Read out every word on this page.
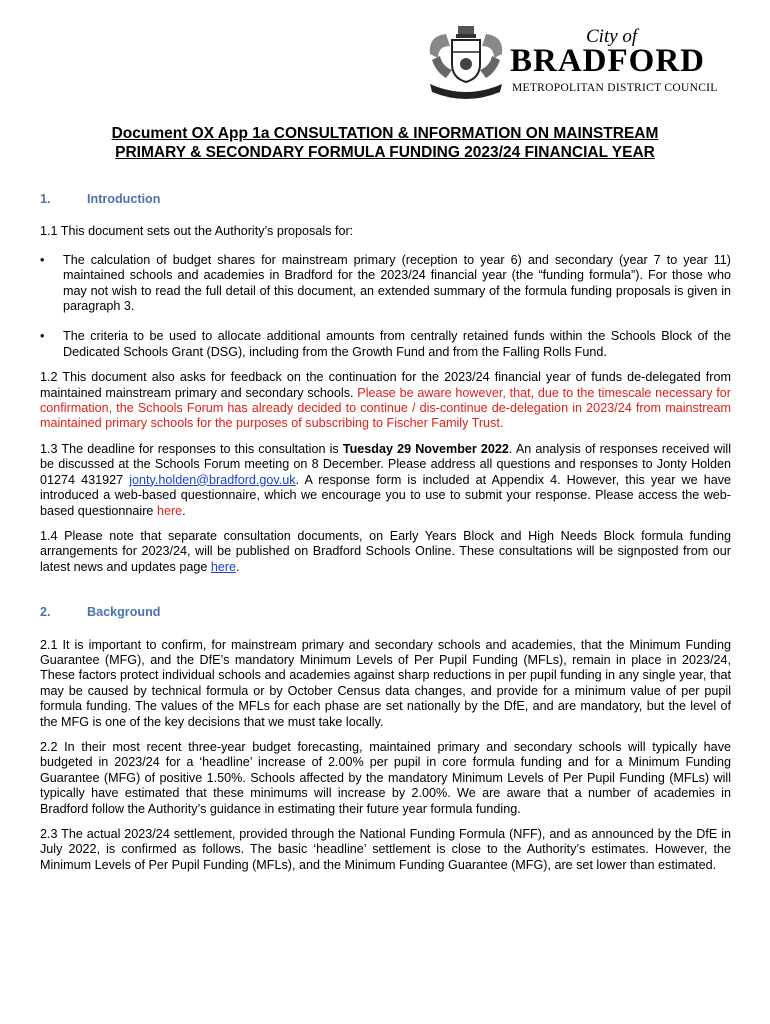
City of
BRADFORD
METROPOLITAN DISTRICT COUNCIL
Document OX App 1a CONSULTATION & INFORMATION ON MAINSTREAM
PRIMARY & SECONDARY FORMULA FUNDING 2023/24 FINANCIAL YEAR
1.	Introduction

1.1 This document sets out the Authority’s proposals for:

• The calculation of budget shares for mainstream primary (reception to year 6) and secondary (year 7 to year 11) maintained schools and academies in Bradford for the 2023/24 financial year (the “funding formula”). For those who may not wish to read the full detail of this document, an extended summary of the formula funding proposals is given in paragraph 3.
• The criteria to be used to allocate additional amounts from centrally retained funds within the Schools Block of the Dedicated Schools Grant (DSG), including from the Growth Fund and from the Falling Rolls Fund.

1.2 This document also asks for feedback on the continuation for the 2023/24 financial year of funds de-delegated from maintained mainstream primary and secondary schools. Please be aware however, that, due to the timescale necessary for confirmation, the Schools Forum has already decided to continue / dis-continue de-delegation in 2023/24 from mainstream maintained primary schools for the purposes of subscribing to Fischer Family Trust.

1.3 The deadline for responses to this consultation is Tuesday 29 November 2022. An analysis of responses received will be discussed at the Schools Forum meeting on 8 December. Please address all questions and responses to Jonty Holden 01274 431927 jonty.holden@bradford.gov.uk. A response form is included at Appendix 4. However, this year we have introduced a web-based questionnaire, which we encourage you to use to submit your response. Please access the web-based questionnaire here.

1.4 Please note that separate consultation documents, on Early Years Block and High Needs Block formula funding arrangements for 2023/24, will be published on Bradford Schools Online. These consultations will be signposted from our latest news and updates page here.

2.	Background

2.1 It is important to confirm, for mainstream primary and secondary schools and academies, that the Minimum Funding Guarantee (MFG), and the DfE’s mandatory Minimum Levels of Per Pupil Funding (MFLs), remain in place in 2023/24, These factors protect individual schools and academies against sharp reductions in per pupil funding in any single year, that may be caused by technical formula or by October Census data changes, and provide for a minimum value of per pupil formula funding. The values of the MFLs for each phase are set nationally by the DfE, and are mandatory, but the level of the MFG is one of the key decisions that we must take locally.

2.2 In their most recent three-year budget forecasting, maintained primary and secondary schools will typically have budgeted in 2023/24 for a ‘headline’ increase of 2.00% per pupil in core formula funding and for a Minimum Funding Guarantee (MFG) of positive 1.50%. Schools affected by the mandatory Minimum Levels of Per Pupil Funding (MFLs) will typically have estimated that these minimums will increase by 2.00%. We are aware that a number of academies in Bradford follow the Authority’s guidance in estimating their future year formula funding.

2.3 The actual 2023/24 settlement, provided through the National Funding Formula (NFF), and as announced by the DfE in July 2022, is confirmed as follows. The basic ‘headline’ settlement is close to the Authority’s estimates. However, the Minimum Levels of Per Pupil Funding (MFLs), and the Minimum Funding Guarantee (MFG), are set lower than estimated.
